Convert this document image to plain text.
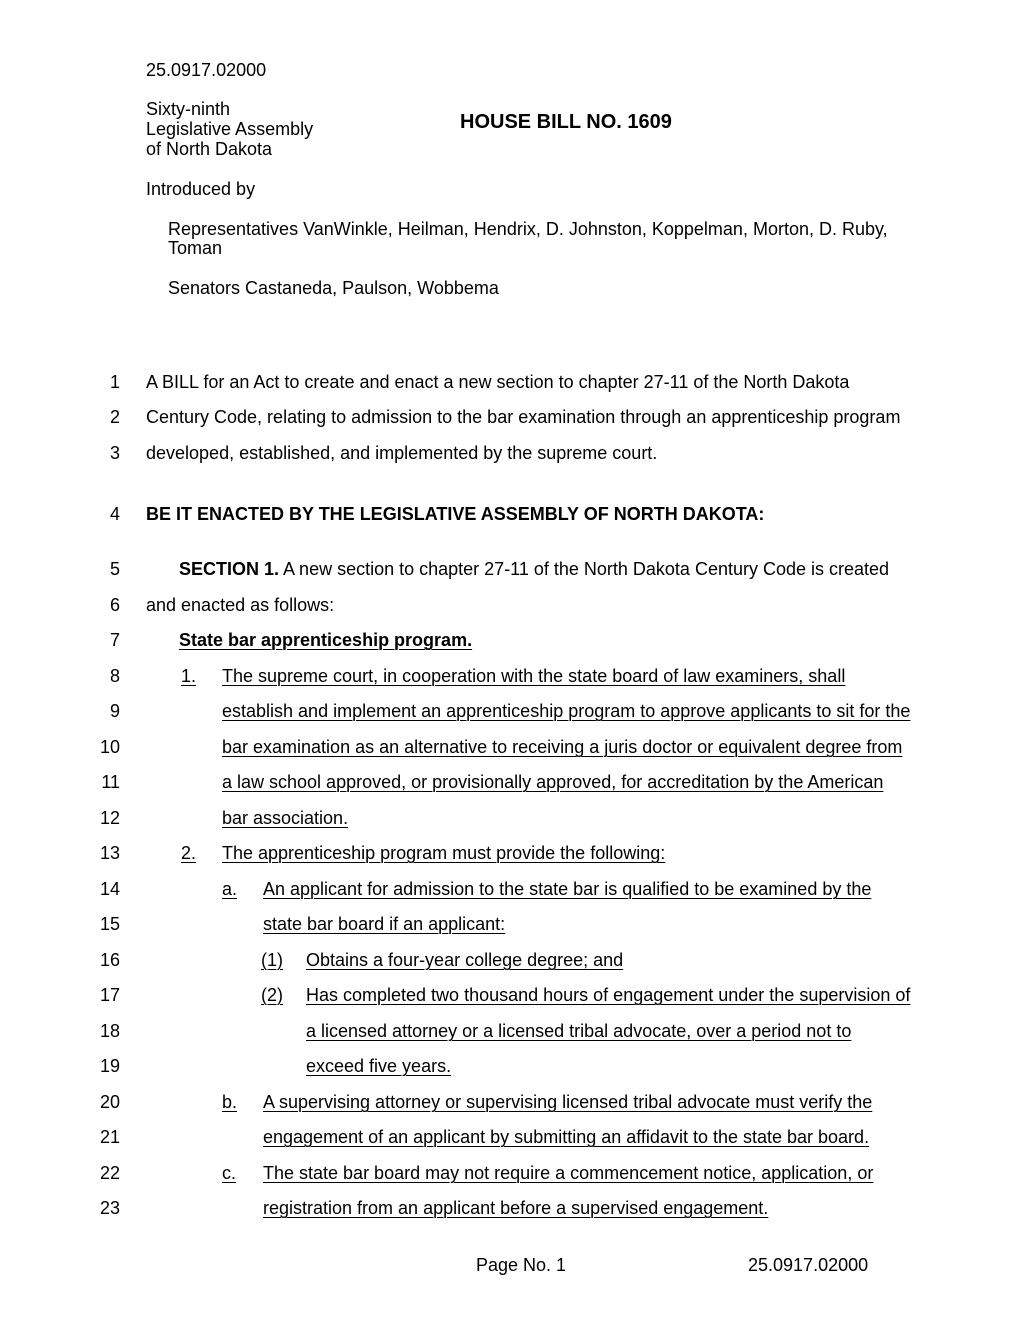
25.0917.02000
Sixty-ninth
Legislative Assembly
of North Dakota
HOUSE BILL NO. 1609
Introduced by
Representatives VanWinkle, Heilman, Hendrix, D. Johnston, Koppelman, Morton, D. Ruby,
Toman
Senators Castaneda, Paulson, Wobbema
1
2
3
4
5
6
7
8
9
10
11
12
13
14
15
16
17
18
19
20
21
22
23
A BILL for an Act to create and enact a new section to chapter 27-11 of the North Dakota
Century Code, relating to admission to the bar examination through an apprenticeship program
developed, established, and implemented by the supreme court.
BE IT ENACTED BY THE LEGISLATIVE ASSEMBLY OF NORTH DAKOTA:
SECTION 1. A new section to chapter 27-11 of the North Dakota Century Code is created
and enacted as follows:
State bar apprenticeship program.
1. The supreme court, in cooperation with the state board of law examiners, shall
establish and implement an apprenticeship program to approve applicants to sit for the
bar examination as an alternative to receiving a juris doctor or equivalent degree from
a law school approved, or provisionally approved, for accreditation by the American
bar association.
2. The apprenticeship program must provide the following:
a. An applicant for admission to the state bar is qualified to be examined by the
state bar board if an applicant:
(1) Obtains a four-year college degree; and
(2) Has completed two thousand hours of engagement under the supervision of
a licensed attorney or a licensed tribal advocate, over a period not to
exceed five years.
b. A supervising attorney or supervising licensed tribal advocate must verify the
engagement of an applicant by submitting an affidavit to the state bar board.
c. The state bar board may not require a commencement notice, application, or
registration from an applicant before a supervised engagement.
Page No. 1	25.0917.02000
